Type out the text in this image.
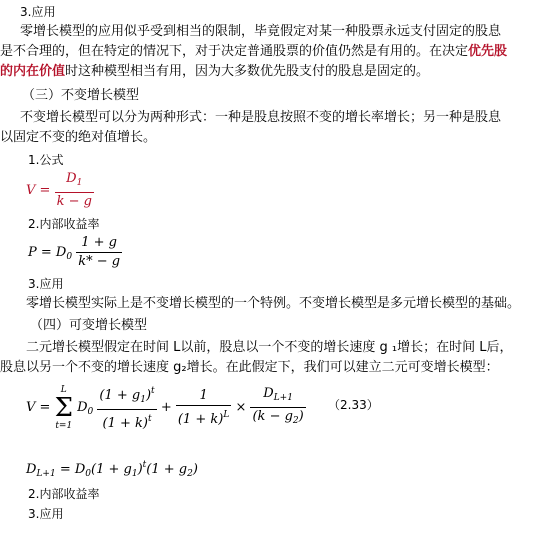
3.应用
零增长模型的应用似乎受到相当的限制，毕竟假定对某一种股票永远支付固定的股息
是不合理的，但在特定的情况下，对于决定普通股票的价值仍然是有用的。在决定优先股
的内在价值时这种模型相当有用，因为大多数优先股支付的股息是固定的。
（三）不变增长模型
不变增长模型可以分为两种形式：一种是股息按照不变的增长率增长；另一种是股息
以固定不变的绝对值增长。
1.公式
$V = \frac{D_1}{k - g}$
2.内部收益率
$P = D_0 \frac{1 + g}{k* - g}$
3.应用
零增长模型实际上是不变增长模型的一个特例。不变增长模型是多元增长模型的基础。
（四）可变增长模型
二元增长模型假定在时间 L以前，股息以一个不变的增长速度 g ₁增长；在时间 L后，
股息以另一个不变的增长速度 g₂增长。在此假定下，我们可以建立二元可变增长模型：
V =
L
Σ
t=1
$D_0 \frac{(1 + g_1)^t}{(1 + k)^t} + \frac{1}{(1 + k)^L} \times \frac{D_{L+1}}{(k - g_2)} (2.33)$
$D_{L+1} = D_0(1 + g_1)^t(1 + g_2)$
2.内部收益率
3.应用
